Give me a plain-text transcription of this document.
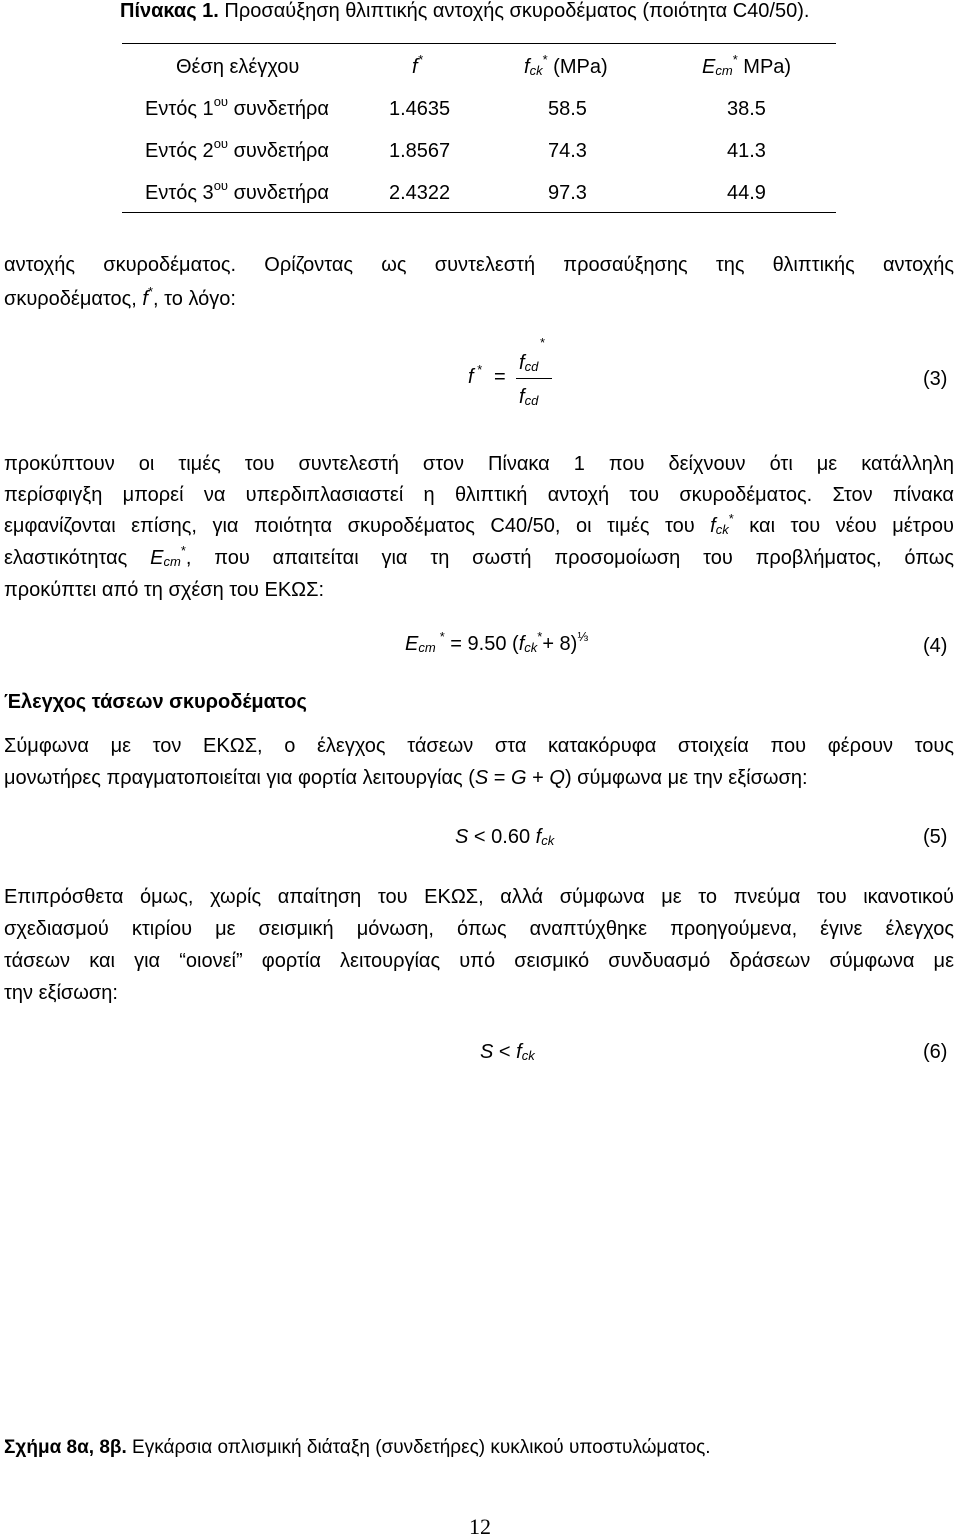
Πίνακας 1. Προσαύξηση θλιπτικής αντοχής σκυροδέματος (ποιότητα C40/50).
Θέση ελέγχου	f*	$f_{ck}^*$ (MPa)	$E_{cm}^*$ MPa)
Εντός $1^{o\upsilon}$ συνδετήρα	1.4635	58.5	38.5
Εντός $2^{o\upsilon}$ συνδετήρα	1.8567	74.3	41.3
Εντός $3^{o\upsilon}$ συνδετήρα	2.4322	97.3	44.9
αντοχής σκυροδέματος. Ορίζοντας ως συντελεστή προσαύξησης της θλιπτικής αντοχής
σκυροδέματος, f*, το λόγο:
f * =
$f_{cd}$
*
$f_{cd}$
(3)
προκύπτουν οι τιμές του συντελεστή στον Πίνακα 1 που δείχνουν ότι με κατάλληλη
περίσφιγξη μπορεί να υπερδιπλασιαστεί η θλιπτική αντοχή του σκυροδέματος. Στον πίνακα
εμφανίζονται επίσης, για ποιότητα σκυροδέματος C40/50, οι τιμές του $f_{ck}^*$ και του νέου μέτρου
ελαστικότητας $E_{cm}^*$, που απαιτείται για τη σωστή προσομοίωση του προβλήματος, όπως
προκύπτει από τη σχέση του ΕΚΩΣ:
$E_{cm}^* = 9.50$ $(f_{ck}^*+ 8)^{\frac{1}{3}}$	(4)
Έλεγχος τάσεων σκυροδέματος
Σύμφωνα με τον ΕΚΩΣ, ο έλεγχος τάσεων στα κατακόρυφα στοιχεία που φέρουν τους
μονωτήρες πραγματοποιείται για φορτία λειτουργίας (S = G + Q) σύμφωνα με την εξίσωση:
S < 0.60 $f_{ck}$	(5)
Επιπρόσθετα όμως, χωρίς απαίτηση του ΕΚΩΣ, αλλά σύμφωνα με το πνεύμα του ικανοτικού
σχεδιασμού κτιρίου με σεισμική μόνωση, όπως αναπτύχθηκε προηγούμενα, έγινε έλεγχος
τάσεων και για “οιονεί” φορτία λειτουργίας υπό σεισμικό συνδυασμό δράσεων σύμφωνα με
την εξίσωση:
$S < f_{ck}$	(6)
Σχήμα 8α, 8β. Εγκάρσια οπλισμική διάταξη (συνδετήρες) κυκλικού υποστυλώματος.
12
